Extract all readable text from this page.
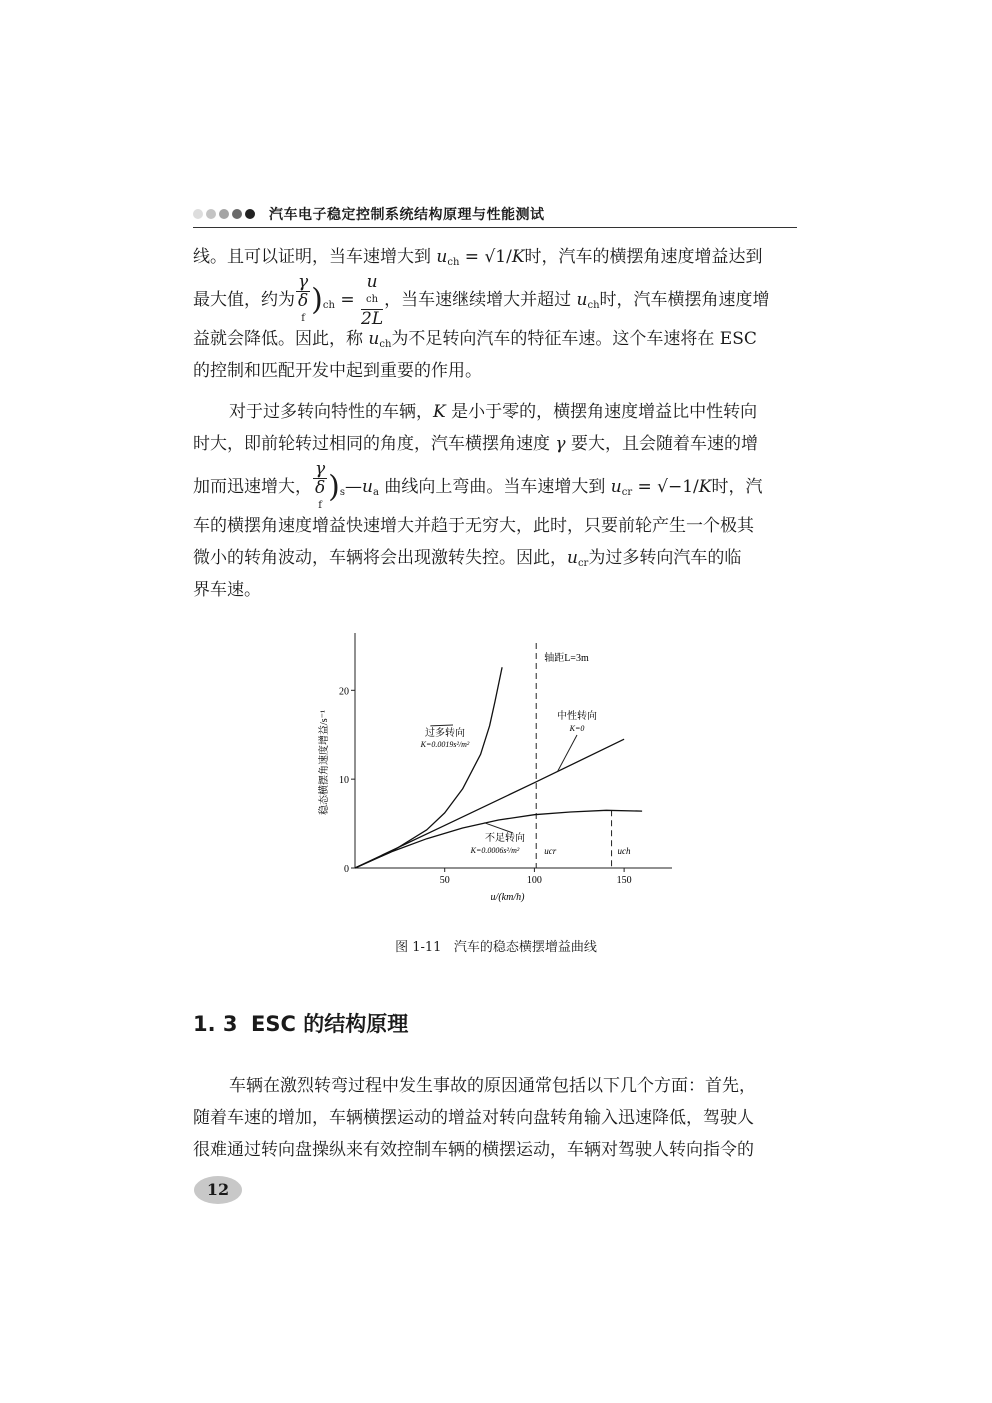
汽车电子稳定控制系统结构原理与性能测试
线。且可以证明，当车速增大到 $u_{ch} = √1/K$时，汽车的横摆角速度增益达到
最大值，约为 γ
δ
f )$_{ch} = u$
ch
2L ，当车速继续增大并超过 $u_{ch}$时，汽车横摆角速度增
益就会降低。因此，称 $u_{ch}$为不足转向汽车的特征车速。这个车速将在 ESC
的控制和匹配开发中起到重要的作用。
对于过多转向特性的车辆，K 是小于零的，横摆角速度增益比中性转向
时大，即前轮转过相同的角度，汽车横摆角速度 γ 要大，且会随着车速的增
加而迅速增大， γ
δ
f )$_s—u_a$ 曲线向上弯曲。当车速增大到 $u_{cr} = √-1/K$时，汽
车的横摆角速度增益快速增大并趋于无穷大，此时，只要前轮产生一个极其
微小的转角波动，车辆将会出现激转失控。因此，$u_{cr}$为过多转向汽车的临
界车速。
50	100	150
0
10
20
u/(km/h)
稳态横摆角速度增益/s⁻¹
轴距L=3m
ucr	uch
过多转向
K=0.0019s²/m²
中性转向
K=0
不足转向
K=0.0006s²/m²
图 1-11 汽车的稳态横摆增益曲线
1. 3 ESC 的结构原理
车辆在激烈转弯过程中发生事故的原因通常包括以下几个方面：首先，
随着车速的增加，车辆横摆运动的增益对转向盘转角输入迅速降低，驾驶人
很难通过转向盘操纵来有效控制车辆的横摆运动，车辆对驾驶人转向指令的
12
